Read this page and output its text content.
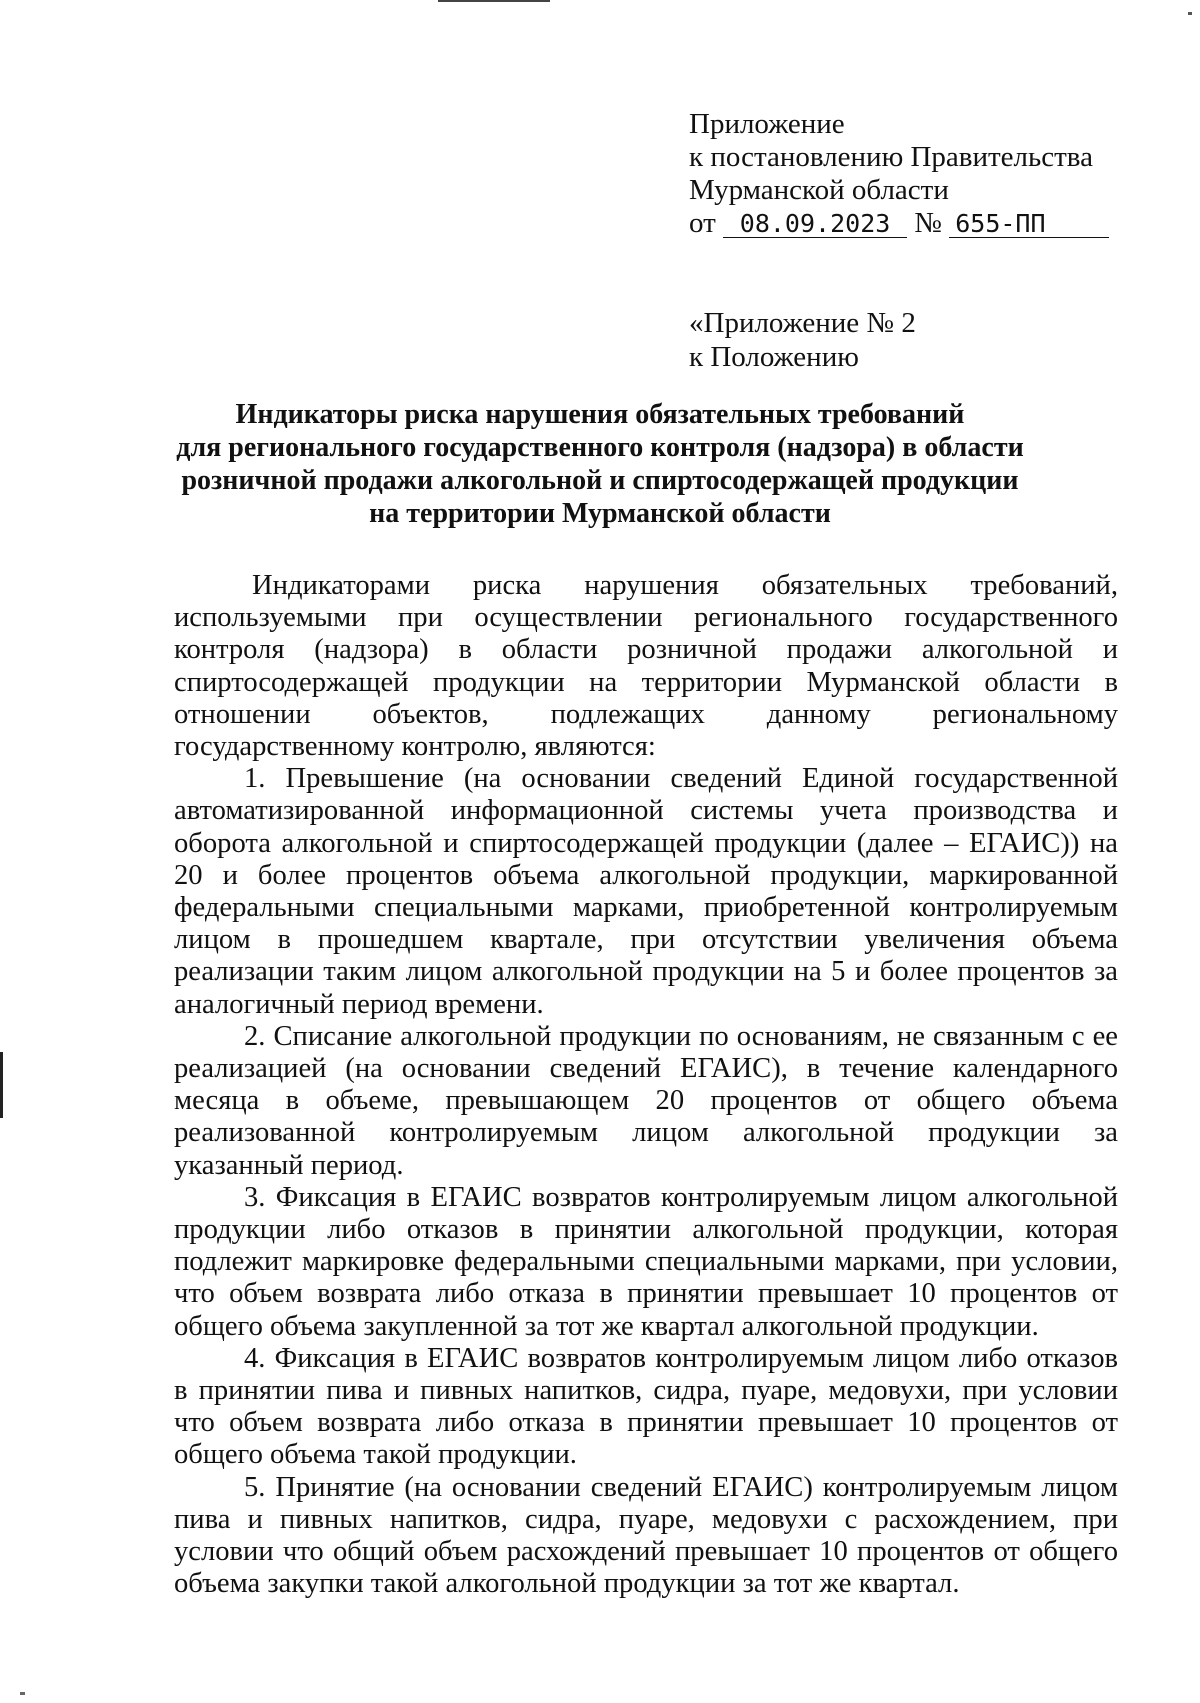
Приложение
к постановлению Правительства
Мурманской области
от 08.09.2023 № 655-ПП
«Приложение № 2
к Положению
Индикаторы риска нарушения обязательных требований
для регионального государственного контроля (надзора) в области
розничной продажи алкогольной и спиртосодержащей продукции
на территории Мурманской области

Индикаторами риска нарушения обязательных требований, используемыми при осуществлении регионального государственного контроля (надзора) в области розничной продажи алкогольной и спиртосодержащей продукции на территории Мурманской области в отношении объектов, подлежащих данному региональному государственному контролю, являются:

1. Превышение (на основании сведений Единой государственной автоматизированной информационной системы учета производства и оборота алкогольной и спиртосодержащей продукции (далее – ЕГАИС)) на 20 и более процентов объема алкогольной продукции, маркированной федеральными специальными марками, приобретенной контролируемым лицом в прошедшем квартале, при отсутствии увеличения объема реализации таким лицом алкогольной продукции на 5 и более процентов за аналогичный период времени.

2. Списание алкогольной продукции по основаниям, не связанным с ее реализацией (на основании сведений ЕГАИС), в течение календарного месяца в объеме, превышающем 20 процентов от общего объема реализованной контролируемым лицом алкогольной продукции за указанный период.

3. Фиксация в ЕГАИС возвратов контролируемым лицом алкогольной продукции либо отказов в принятии алкогольной продукции, которая подлежит маркировке федеральными специальными марками, при условии, что объем возврата либо отказа в принятии превышает 10 процентов от общего объема закупленной за тот же квартал алкогольной продукции.

4. Фиксация в ЕГАИС возвратов контролируемым лицом либо отказов в принятии пива и пивных напитков, сидра, пуаре, медовухи, при условии что объем возврата либо отказа в принятии превышает 10 процентов от общего объема такой продукции.

5. Принятие (на основании сведений ЕГАИС) контролируемым лицом пива и пивных напитков, сидра, пуаре, медовухи с расхождением, при условии что общий объем расхождений превышает 10 процентов от общего объема закупки такой алкогольной продукции за тот же квартал.
